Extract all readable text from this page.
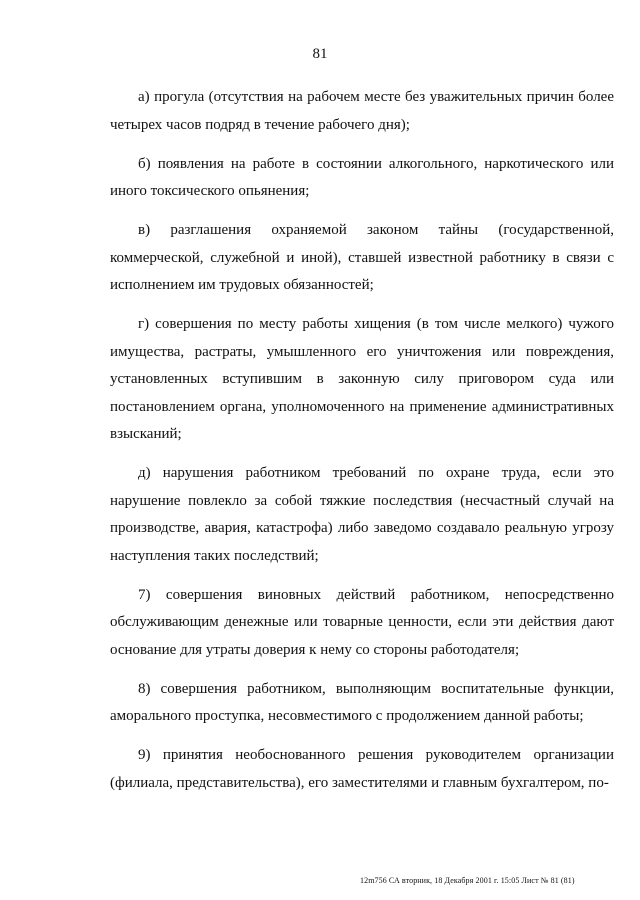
81

а) прогула (отсутствия на рабочем месте без уважительных причин более четырех часов подряд в течение рабочего дня);

б) появления на работе в состоянии алкогольного, наркотического или иного токсического опьянения;

в) разглашения охраняемой законом тайны (государственной, коммерческой, служебной и иной), ставшей известной работнику в связи с исполнением им трудовых обязанностей;

г) совершения по месту работы хищения (в том числе мелкого) чужого имущества, растраты, умышленного его уничтожения или повреждения, установленных вступившим в законную силу приговором суда или постановлением органа, уполномоченного на применение административных взысканий;

д) нарушения работником требований по охране труда, если это нарушение повлекло за собой тяжкие последствия (несчастный случай на производстве, авария, катастрофа) либо заведомо создавало реальную угрозу наступления таких последствий;

7) совершения виновных действий работником, непосредственно обслуживающим денежные или товарные ценности, если эти действия дают основание для утраты доверия к нему со стороны работодателя;

8) совершения работником, выполняющим воспитательные функции, аморального проступка, несовместимого с продолжением данной работы;

9) принятия необоснованного решения руководителем организации (филиала, представительства), его заместителями и главным бухгалтером, по-

12m756 СА вторник, 18 Декабря 2001 г. 15:05 Лист № 81 (81)
